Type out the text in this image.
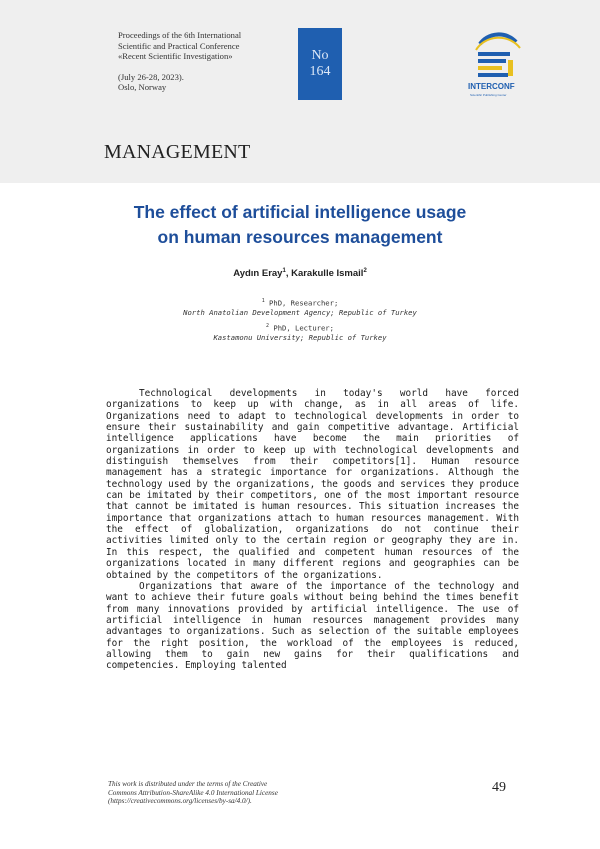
Proceedings of the 6th International
Scientific and Practical Conference
«Recent Scientific Investigation»
(July 26-28, 2023).
Oslo, Norway
No
164
INTERCONF
Scientific Publishing Center
MANAGEMENT
The effect of artificial intelligence usage
on human resources management
Aydın Eray$^1$, Karakulle Ismail$^2$
$^1$ PhD, Researcher;
North Anatolian Development Agency; Republic of Turkey
$^2$ PhD, Lecturer;
Kastamonu University; Republic of Turkey

Technological developments in today's world have forced organizations to keep up with change, as in all areas of life. Organizations need to adapt to technological developments in order to ensure their sustainability and gain competitive advantage. Artificial intelligence applications have become the main priorities of organizations in order to keep up with technological developments and distinguish themselves from their competitors[1]. Human resource management has a strategic importance for organizations. Although the technology used by the organizations, the goods and services they produce can be imitated by their competitors, one of the most important resource that cannot be imitated is human resources. This situation increases the importance that organizations attach to human resources management. With the effect of globalization, organizations do not continue their activities limited only to the certain region or geography they are in. In this respect, the qualified and competent human resources of the organizations located in many different regions and geographies can be obtained by the competitors of the organizations.

Organizations that aware of the importance of the technology and want to achieve their future goals without being behind the times benefit from many innovations provided by artificial intelligence. The use of artificial intelligence in human resources management provides many advantages to organizations. Such as selection of the suitable employees for the right position, the workload of the employees is reduced, allowing them to gain new gains for their qualifications and competencies. Employing talented

This work is distributed under the terms of the Creative
Commons Attribution-ShareAlike 4.0 International License
(https://creativecommons.org/licenses/by-sa/4.0/).
49
